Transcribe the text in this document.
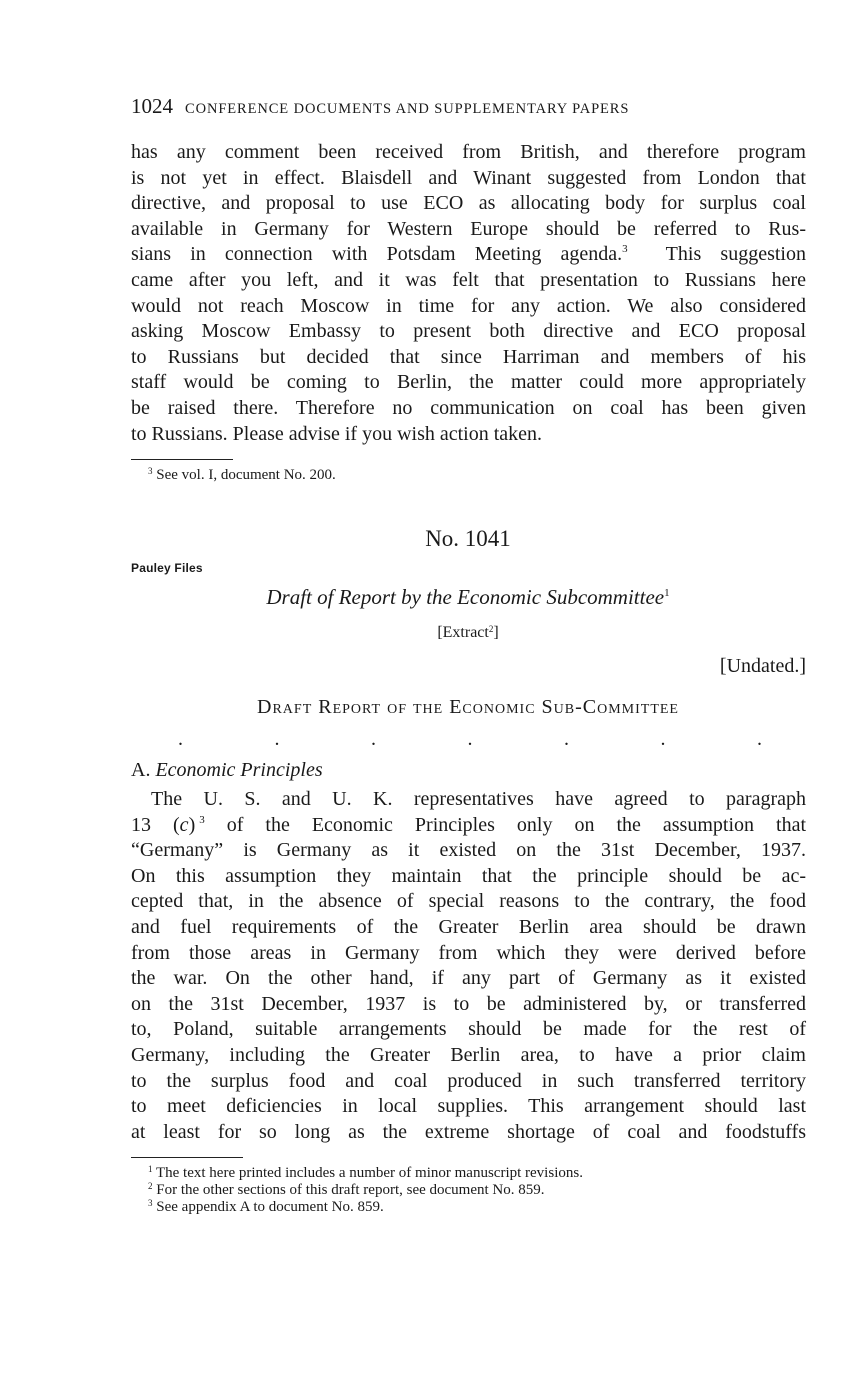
1024 CONFERENCE DOCUMENTS AND SUPPLEMENTARY PAPERS
has any comment been received from British, and therefore program
is not yet in effect. Blaisdell and Winant suggested from London that
directive, and proposal to use ECO as allocating body for surplus coal
available in Germany for Western Europe should be referred to Rus-
sians in connection with Potsdam Meeting agenda.$^3$  This suggestion
came after you left, and it was felt that presentation to Russians here
would not reach Moscow in time for any action. We also considered
asking Moscow Embassy to present both directive and ECO proposal
to Russians but decided that since Harriman and members of his
staff would be coming to Berlin, the matter could more appropriately
be raised there. Therefore no communication on coal has been given
to Russians. Please advise if you wish action taken.
$^3$ See vol. I, document No. 200.
No. 1041
Pauley Files
Draft of Report by the Economic Subcommittee$^1$
[Extract$^2$]
[Undated.]
Draft Report of the Economic Sub-Committee
.	.	.	.	.	.	.
A. Economic Principles
The U. S. and U. K. representatives have agreed to paragraph
13 (c) $^3$ of the Economic Principles only on the assumption that
“Germany” is Germany as it existed on the 31st December, 1937.
On this assumption they maintain that the principle should be ac-
cepted that, in the absence of special reasons to the contrary, the food
and fuel requirements of the Greater Berlin area should be drawn
from those areas in Germany from which they were derived before
the war. On the other hand, if any part of Germany as it existed
on the 31st December, 1937 is to be administered by, or transferred
to, Poland, suitable arrangements should be made for the rest of
Germany, including the Greater Berlin area, to have a prior claim
to the surplus food and coal produced in such transferred territory
to meet deficiencies in local supplies. This arrangement should last
at least for so long as the extreme shortage of coal and foodstuffs
$^1$ The text here printed includes a number of minor manuscript revisions.
$^2$ For the other sections of this draft report, see document No. 859.
$^3$ See appendix A to document No. 859.
